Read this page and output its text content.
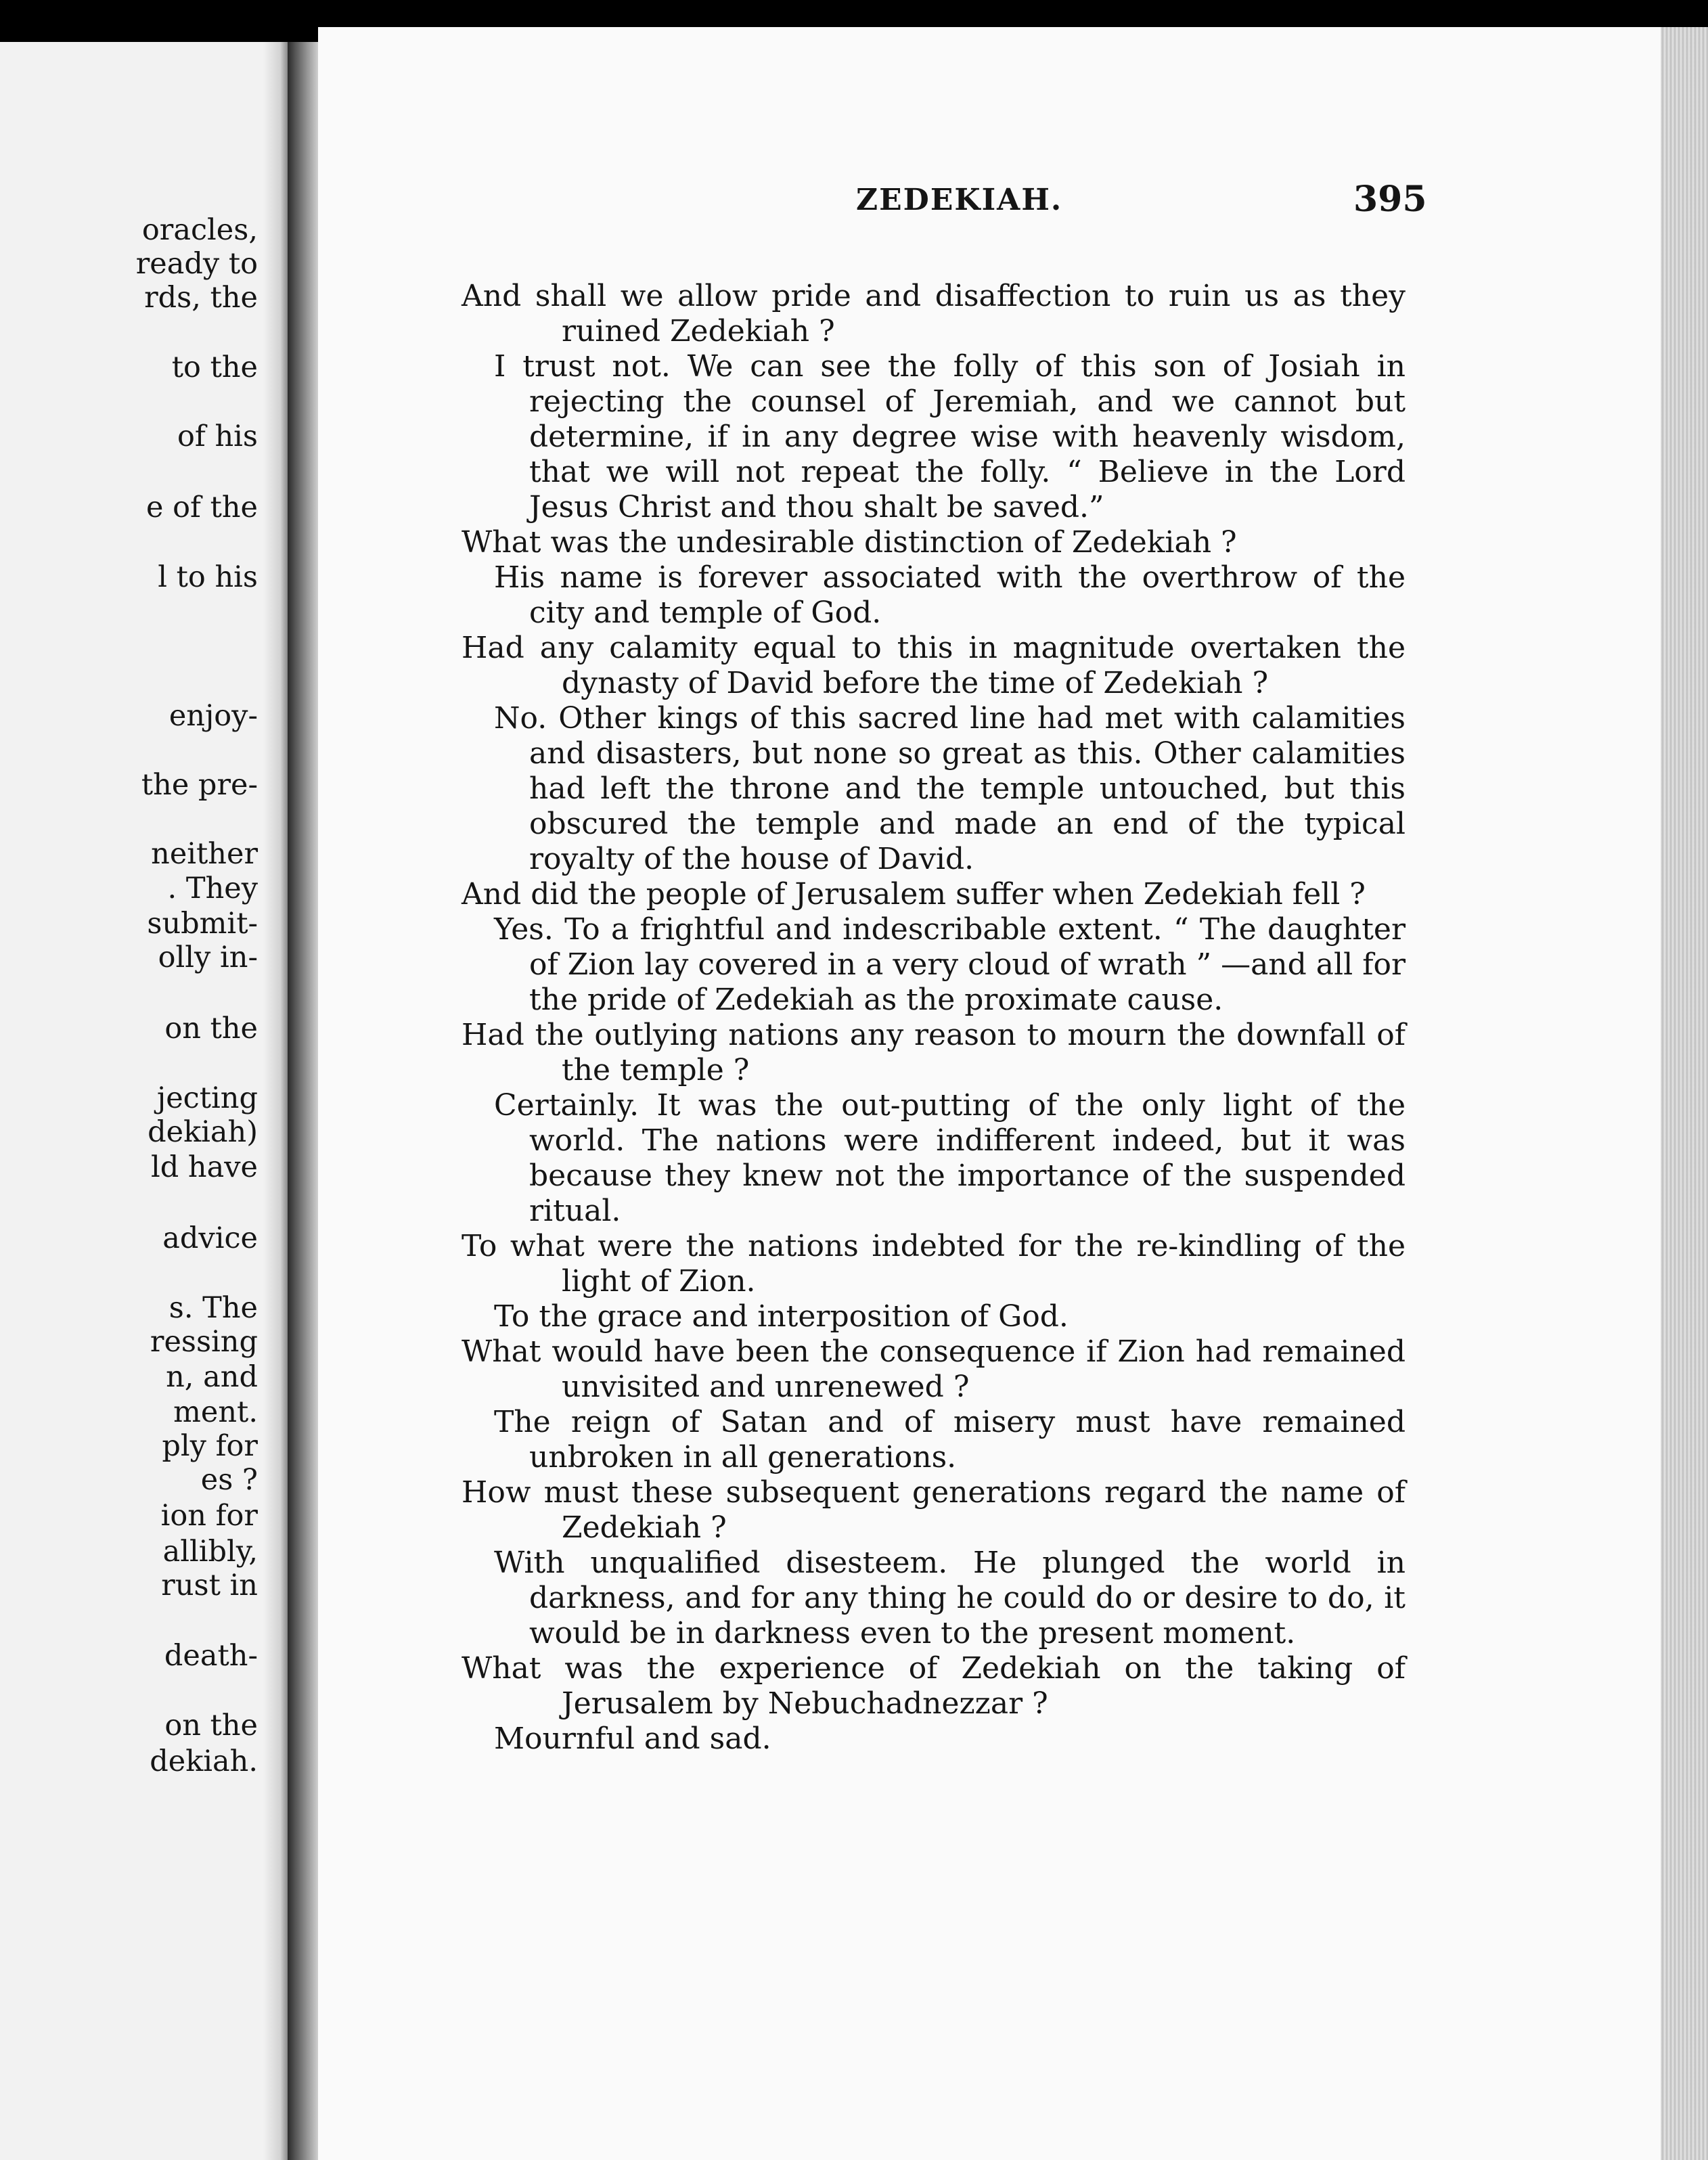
oracles,
ready to
rds, the
to the
of his
e of the
l to his
enjoy-
the pre-
neither
. They
submit-
olly in-
on the
jecting
dekiah)
ld have
advice
s. The
ressing
n, and
ment.
ply for
es ?
ion for
allibly,
rust in
death-
on the
dekiah.
ZEDEKIAH.	395

And shall we allow pride and disaffection to ruin us as they ruined Zedekiah ?

I trust not. We can see the folly of this son of Josiah in rejecting the counsel of Jeremiah, and we cannot but determine, if in any degree wise with heavenly wisdom, that we will not repeat the folly. “ Believe in the Lord Jesus Christ and thou shalt be saved.”

What was the undesirable distinction of Zedekiah ?

His name is forever associated with the overthrow of the city and temple of God.

Had any calamity equal to this in magnitude overtaken the dynasty of David before the time of Zedekiah ?

No. Other kings of this sacred line had met with calamities and disasters, but none so great as this. Other calamities had left the throne and the temple untouched, but this obscured the temple and made an end of the typical royalty of the house of David.

And did the people of Jerusalem suffer when Zedekiah fell ?

Yes. To a frightful and indescribable extent. “ The daughter of Zion lay covered in a very cloud of wrath ” —and all for the pride of Zedekiah as the proximate cause.

Had the outlying nations any reason to mourn the downfall of the temple ?

Certainly. It was the out-putting of the only light of the world. The nations were indifferent indeed, but it was because they knew not the importance of the suspended ritual.

To what were the nations indebted for the re-kindling of the light of Zion.

To the grace and interposition of God.

What would have been the consequence if Zion had remained unvisited and unrenewed ?

The reign of Satan and of misery must have remained unbroken in all generations.

How must these subsequent generations regard the name of Zedekiah ?

With unqualified disesteem. He plunged the world in darkness, and for any thing he could do or desire to do, it would be in darkness even to the present moment.

What was the experience of Zedekiah on the taking of Jerusalem by Nebuchadnezzar ?

Mournful and sad.
